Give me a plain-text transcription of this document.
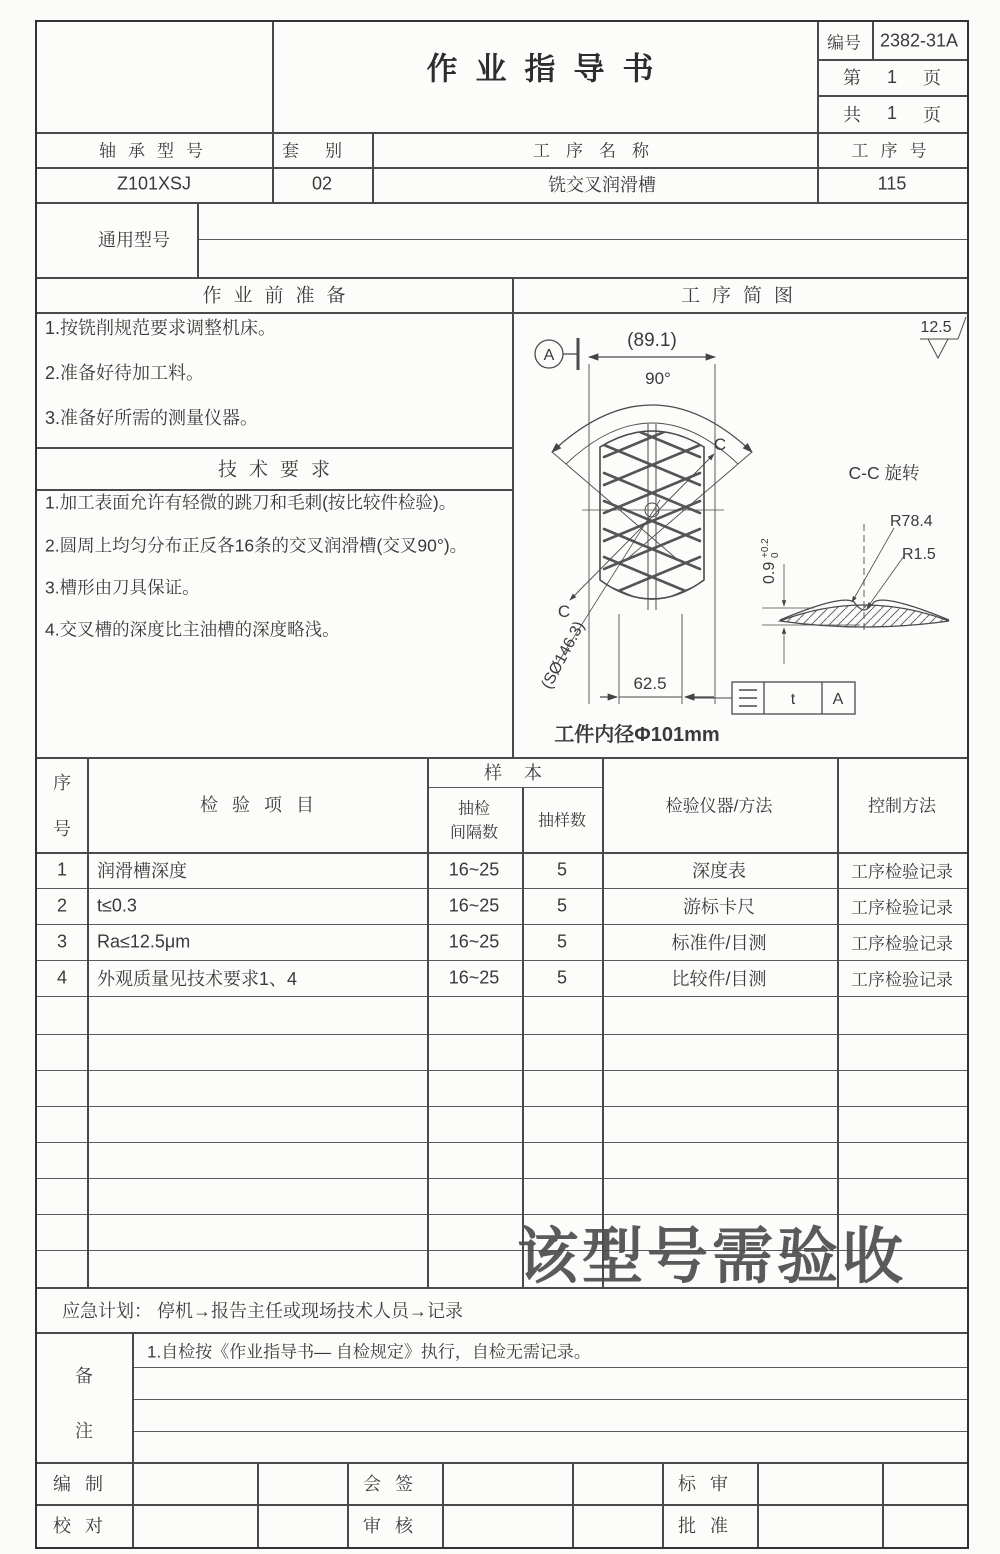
作业指导书
编号 2382-31A
第 1 页
共 1 页
轴承型号	套别	工序名称	工序号
Z101XSJ	02	铣交叉润滑槽	115
通用型号
作业前准备
1.按铣削规范要求调整机床。
2.准备好待加工料。
3.准备好所需的测量仪器。
技术要求
1.加工表面允许有轻微的跳刀和毛刺(按比较件检验)。
2.圆周上均匀分布正反各16条的交叉润滑槽(交叉90°)。
3.槽形由刀具保证。
4.交叉槽的深度比主油槽的深度略浅。
工序简图
(89.1)
90°
C
C
(SØ146.3)	62.5
A
t A
工件内径Φ101mm
12.5
C-C 旋转
R78.4
R1.5
0.9
+0.2 0
序
号
检验项目
样本
抽检
间隔数
抽样数
检验仪器/方法	控制方法
1 润滑槽深度	16~25	5	深度表	工序检验记录
2 t≤0.3	16~25	5	游标卡尺	工序检验记录
3 Ra≤12.5μm	16~25	5	标准件/目测	工序检验记录
4 外观质量见技术要求1、4	16~25	5	比较件/目测	工序检验记录
该型号需验收
应急计划： 停机→报告主任或现场技术人员→记录
备
注
1.自检按《作业指导书— 自检规定》执行，自检无需记录。
编制	会签	标审
校对	审核	批准
